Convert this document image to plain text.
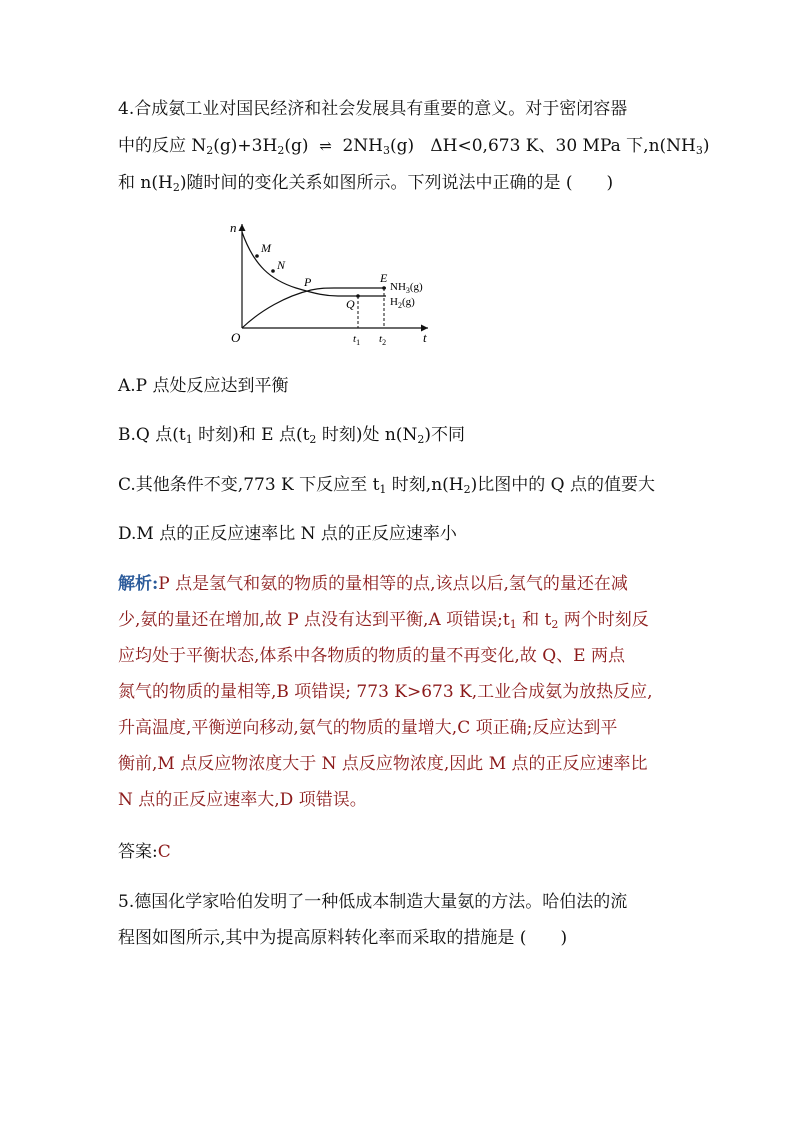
4.合成氨工业对国民经济和社会发展具有重要的意义。对于密闭容器
中的反应 $N_2(g)+3H_2(g)$ ⇌ $2NH_3(g)$ ΔH<0,673 K、30 MPa 下$,n(NH_3)$
和 $n(H_2)$随时间的变化关系如图所示。下列说法中正确的是 (　　)
n
t
O
M
N
P
Q
E
$NH_3(g)$
$H_2(g)$
$t_1$ $t_2$
A.P 点处反应达到平衡
B.Q 点($t_1$ 时刻)和 E 点($t_2$ 时刻)处 $n(N_2)$不同
C.其他条件不变,773 K 下反应至 $t_1$ 时刻$,n(H_2)$比图中的 Q 点的值要大
D.M 点的正反应速率比 N 点的正反应速率小
解析:P 点是氢气和氨的物质的量相等的点,该点以后,氢气的量还在减
少,氨的量还在增加,故 P 点没有达到平衡,A 项错误$;t_1$ 和 $t_2$ 两个时刻反
应均处于平衡状态,体系中各物质的物质的量不再变化,故 Q、E 两点
氮气的物质的量相等,B 项错误; 773 K>673 K,工业合成氨为放热反应,
升高温度,平衡逆向移动,氨气的物质的量增大,C 项正确;反应达到平
衡前,M 点反应物浓度大于 N 点反应物浓度,因此 M 点的正反应速率比
N 点的正反应速率大,D 项错误。
答案:C
5.德国化学家哈伯发明了一种低成本制造大量氨的方法。哈伯法的流
程图如图所示,其中为提高原料转化率而采取的措施是 (　　)
